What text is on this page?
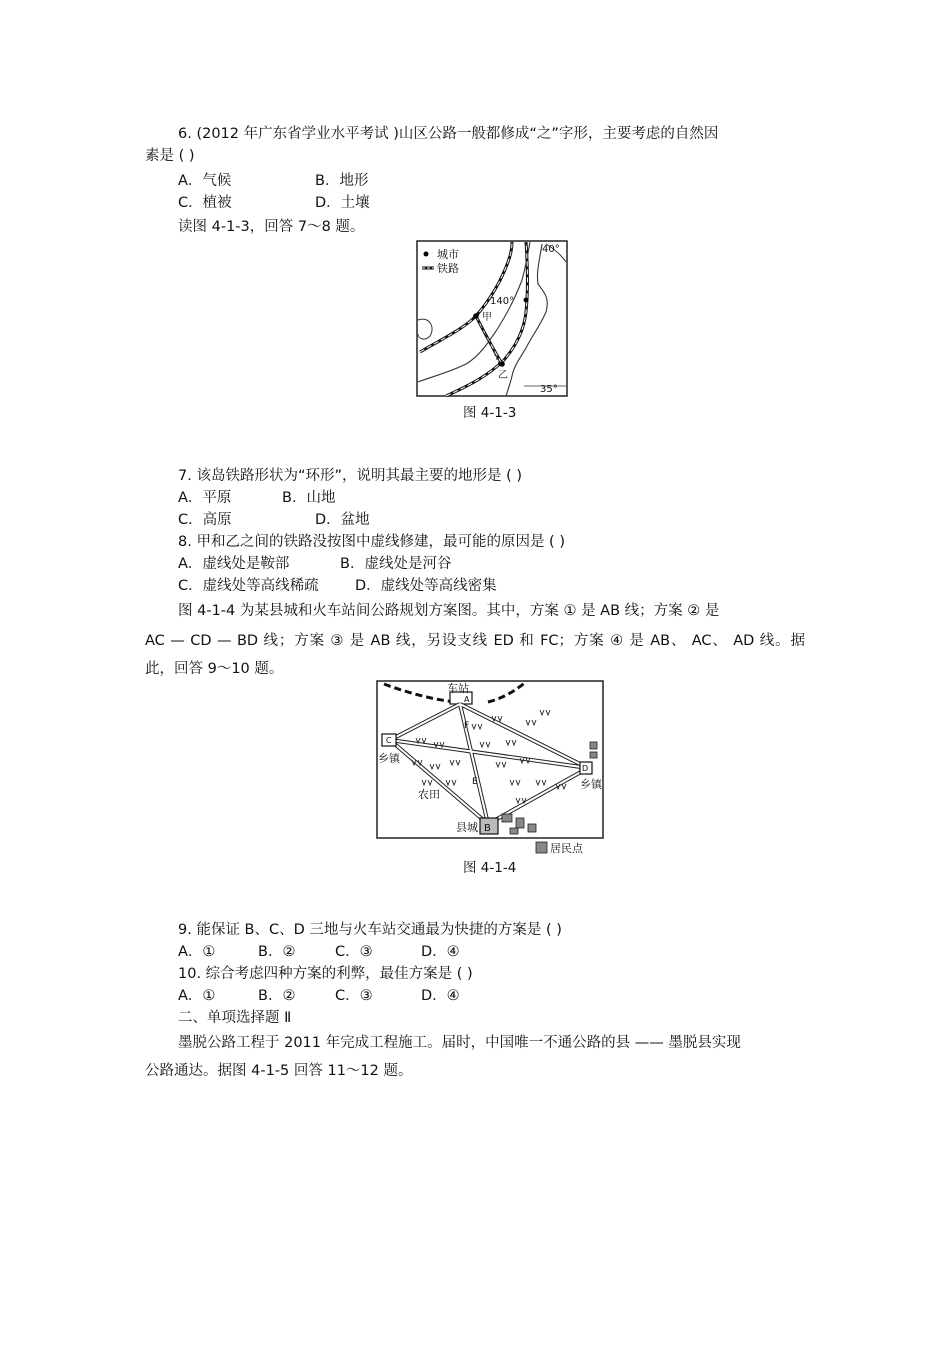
6. (2012 年广东省学业水平考试 )山区公路一般都修成“之”字形，主要考虑的自然因
素是 ( )
A．气候	B．地形
C．植被	D．土壤
读图 4-1-3，回答 7～8 题。
城市
铁路
40°
140°
甲
乙
35°
图 4-1-3
7. 该岛铁路形状为“环形”，说明其最主要的地形是 ( )
A．平原	B．山地
C．高原	D．盆地
8. 甲和乙之间的铁路没按图中虚线修建，最可能的原因是 ( )
A．虚线处是鞍部	B．虚线处是河谷
C．虚线处等高线稀疏	D．虚线处等高线密集
图 4-1-4 为某县城和火车站间公路规划方案图。其中，方案 ① 是 AB 线；方案 ② 是
AC — CD — BD 线；方案 ③ 是 AB 线，另设支线 ED 和 FC；方案 ④ 是 AB、 AC、 AD 线。据
此，回答 9～10 题。
车站
乡镇
乡镇
农田
县城 B
A
C
D
E
F
居民点
图 4-1-4
9. 能保证 B、C、D 三地与火车站交通最为快捷的方案是 ( )
A．①	B．②	C．③	D．④
10. 综合考虑四种方案的利弊，最佳方案是 ( )
A．①	B．②	C．③	D．④
二、单项选择题 Ⅱ
墨脱公路工程于 2011 年完成工程施工。届时，中国唯一不通公路的县 —— 墨脱县实现
公路通达。据图 4-1-5 回答 11～12 题。
